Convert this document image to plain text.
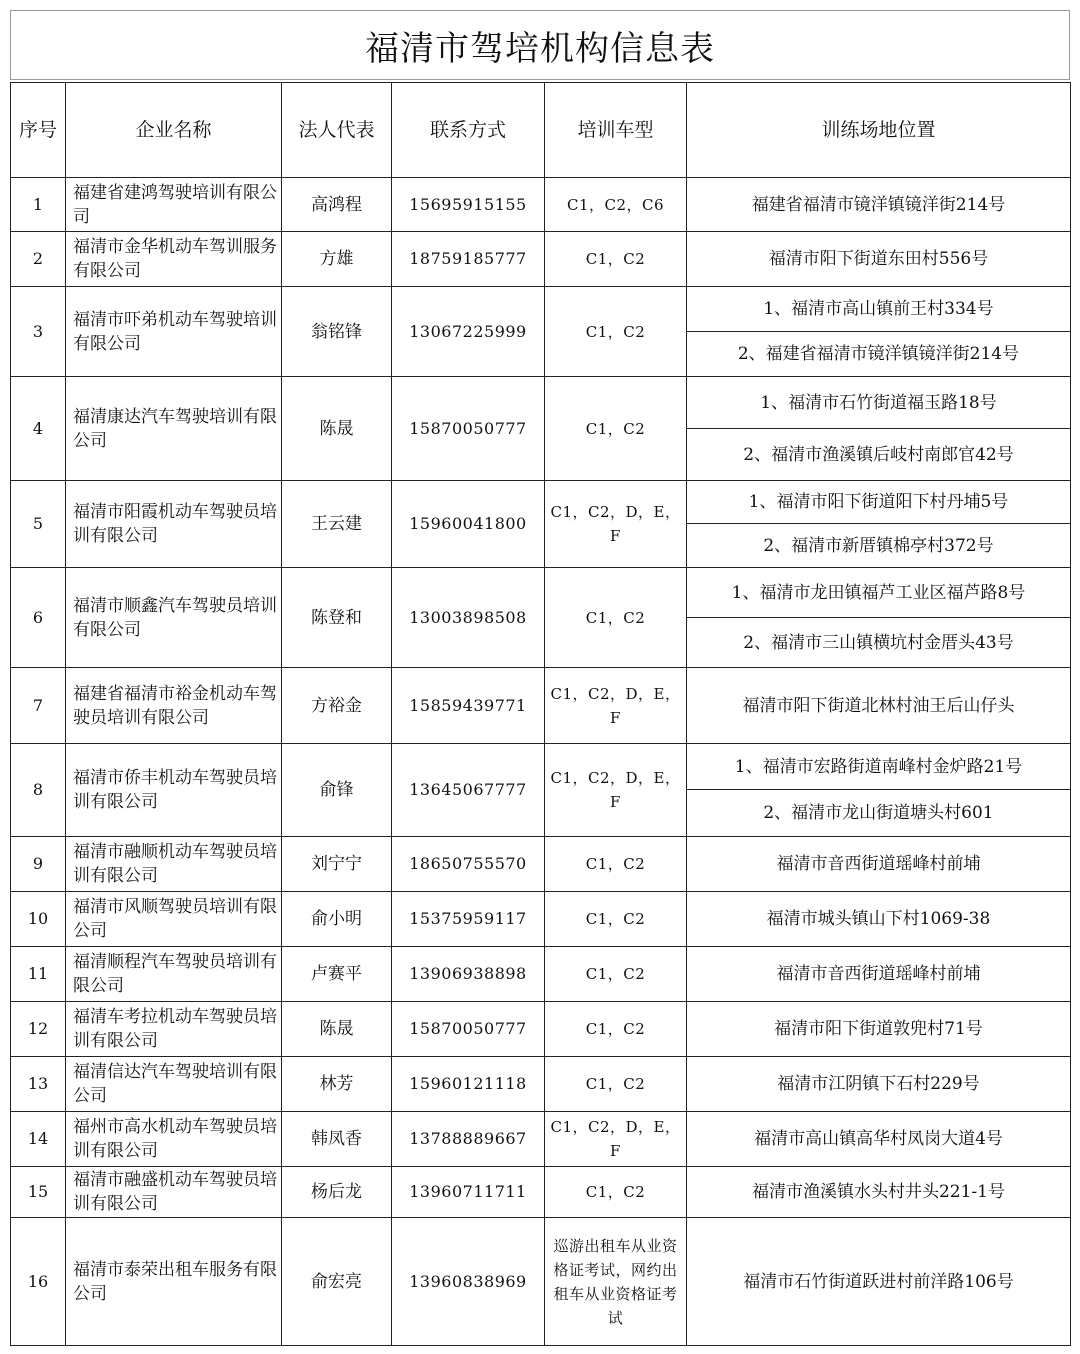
福清市驾培机构信息表
序号	企业名称	法人代表	联系方式	培训车型	训练场地位置
1	福建省建鸿驾驶培训有限公司	高鸿程	15695915155	C1，C2，C6	福建省福清市镜洋镇镜洋街214号
2	福清市金华机动车驾训服务有限公司	方雄	18759185777	C1，C2	福清市阳下街道东田村556号
3	福清市吓弟机动车驾驶培训有限公司	翁铭锋	13067225999	C1，C2	1、福清市高山镇前王村334号
					2、福建省福清市镜洋镇镜洋街214号
4	福清康达汽车驾驶培训有限公司	陈晟	15870050777	C1，C2	1、福清市石竹街道福玉路18号
					2、福清市渔溪镇后岐村南郎官42号
5	福清市阳霞机动车驾驶员培训有限公司	王云建	15960041800	C1，C2，D，E，F	1、福清市阳下街道阳下村丹埔5号
					2、福清市新厝镇棉亭村372号
6	福清市顺鑫汽车驾驶员培训有限公司	陈登和	13003898508	C1，C2	1、福清市龙田镇福芦工业区福芦路8号
					2、福清市三山镇横坑村金厝头43号
7	福建省福清市裕金机动车驾驶员培训有限公司	方裕金	15859439771	C1，C2，D，E，F	福清市阳下街道北林村油王后山仔头
8	福清市侨丰机动车驾驶员培训有限公司	俞锋	13645067777	C1，C2，D，E，F	1、福清市宏路街道南峰村金炉路21号
					2、福清市龙山街道塘头村601
9	福清市融顺机动车驾驶员培训有限公司	刘宁宁	18650755570	C1，C2	福清市音西街道瑶峰村前埔
10	福清市风顺驾驶员培训有限公司	俞小明	15375959117	C1，C2	福清市城头镇山下村1069-38
11	福清顺程汽车驾驶员培训有限公司	卢赛平	13906938898	C1，C2	福清市音西街道瑶峰村前埔
12	福清车考拉机动车驾驶员培训有限公司	陈晟	15870050777	C1，C2	福清市阳下街道敦兜村71号
13	福清信达汽车驾驶培训有限公司	林芳	15960121118	C1，C2	福清市江阴镇下石村229号
14	福州市高水机动车驾驶员培训有限公司	韩凤香	13788889667	C1，C2，D，E，F	福清市高山镇高华村凤岗大道4号
15	福清市融盛机动车驾驶员培训有限公司	杨后龙	13960711711	C1，C2	福清市渔溪镇水头村井头221-1号
16	福清市泰荣出租车服务有限公司	俞宏亮	13960838969	巡游出租车从业资格证考试，网约出租车从业资格证考试	福清市石竹街道跃进村前洋路106号
